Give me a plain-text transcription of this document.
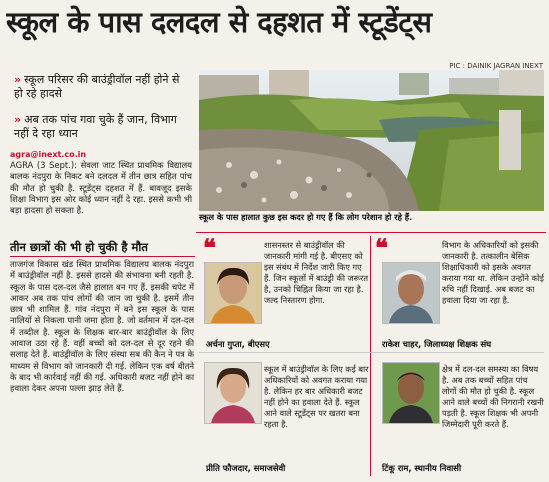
स्कूल के पास दलदल से दहशत में स्टूडेंट्स
PIC : DAINIK JAGRAN INEXT
» स्कूल परिसर की बाउंड्रीवॉल नहीं होने से हो रहे हादसे
» अब तक पांच गवा चुके हैं जान, विभाग नहीं दे रहा ध्यान
agra@inext.co.in
AGRA (3 Sept.): सेवला जाट स्थित प्राथमिक विद्यालय बालक नंदपुरा के निकट बने दलदल में तीन छात्र सहित पांच की मौत हो चुकी है. स्टूडेंट्स दहशत में हैं. बावजूद इसके शिक्षा विभाग इस ओर कोई ध्यान नहीं दे रहा. इससे कभी भी बड़ा हादसा हो सकता है.
तीन छात्रों की भी हो चुकी है मौत
ताजगंज विकास खंड स्थित प्राथमिक विद्यालय बालक नंदपुरा में बाउंड्रीवॉल नहीं है. इससे हादसे की संभावना बनी रहती है. स्कूल के पास दल-दल जैसे हालात बन गए हैं. इसकी चपेट में आकर अब तक पांच लोगों की जान जा चुकी है. इसमें तीन छात्र भी शामिल हैं. गांव नंदपुरा में बने इस स्कूल के पास नालियों से निकला पानी जमा होता है. जो वर्तमान में दल-दल में तब्दील है. स्कूल के शिक्षक बार-बार बाउंड्रीवॉल के लिए आवाज उठा रहे हैं. वहीं बच्चों को दल-दल से दूर रहने की सलाह देते हैं. बाउंड्रीवॉल के लिए संस्था सब की कैन ने पत्र के माध्यम से विभाग को जानकारी दी गई. लेकिन एक वर्ष बीतने के बाद भी कार्रवाई नहीं की गई. अधिकारी बजट नहीं होने का हवाला देकर अपना पल्ला झाड़ लेते हैं.
स्कूल के पास हालात कुछ इस कदर हो गए हैं कि लोग परेशान हो रहे हैं.
❝	शासनस्तर से बाउंड्रीवॉल की जानकारी मांगी गई है. बीएसए को इस संबंध में निर्देश जारी किए गए हैं. जिन स्कूलों में बाउंड्री की जरूरत है, उनको चिह्नित किया जा रहा है. जल्द निस्तारण होगा.
अर्चना गुप्ता, बीएसए
❝	विभाग के अधिकारियों को इसकी जानकारी है. तत्कालीन बेसिक शिक्षाधिकारी को इसके अवगत कराया गया था. लेकिन उन्होंने कोई रुचि नहीं दिखाई. अब बजट का हवाला दिया जा रहा है.
राकेश चाहर, जिलाध्यक्ष शिक्षक संघ
स्कूल में बाउंड्रीवॉल के लिए कई बार अधिकारियों को अवगत कराया गया है. लेकिन हर बार अधिकारी बजट नहीं होने का हवाला देते हैं. स्कूल आने वाले स्टूडेंट्स पर खतरा बना रहता है.
प्रीति फौजदार, समाजसेवी
क्षेत्र में दल-दल समस्या का विषय है. अब तक बच्चों सहित पांच लोगों की मौत हो चुकी है. स्कूल आने वाले बच्चों की निगरानी रखनी पड़ती है. स्कूल शिक्षक भी अपनी जिम्मेदारी पूरी करते हैं.
टिंकू राम, स्थानीय निवासी
